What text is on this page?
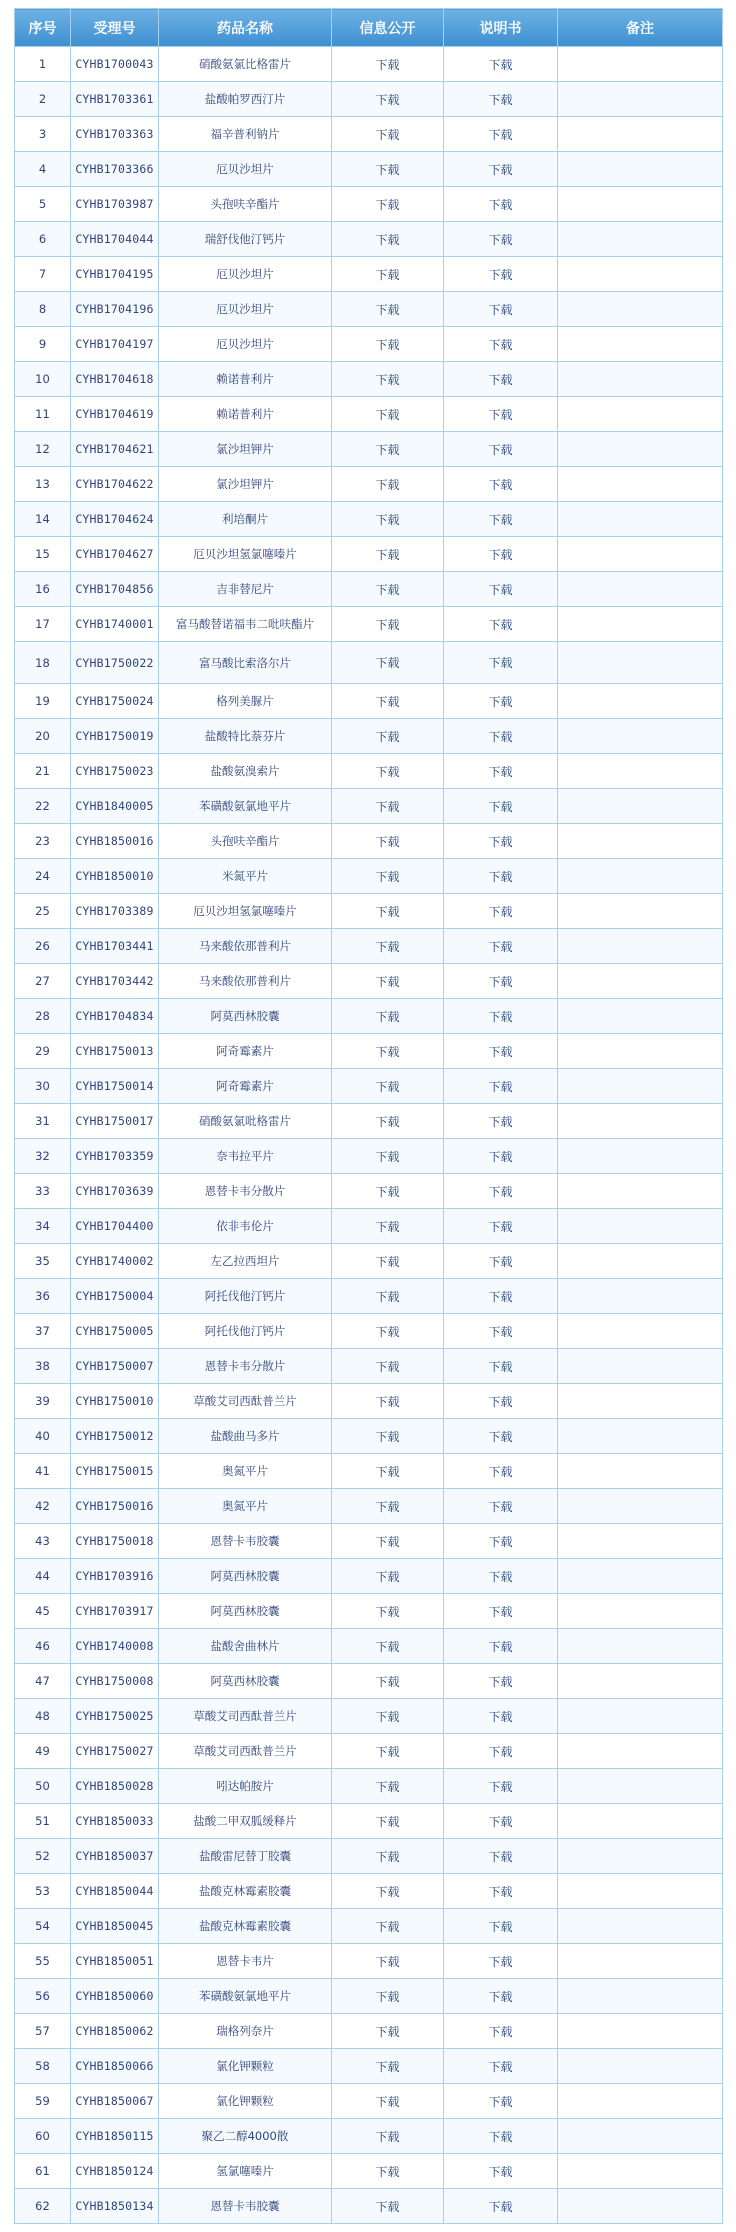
序号	受理号	药品名称	信息公开	说明书	备注
1	CYHB1700043	硝酸氨氯比格雷片	下载	下载	
2	CYHB1703361	盐酸帕罗西汀片	下载	下载	
3	CYHB1703363	福辛普利钠片	下载	下载	
4	CYHB1703366	厄贝沙坦片	下载	下载	
5	CYHB1703987	头孢呋辛酯片	下载	下载	
6	CYHB1704044	瑞舒伐他汀钙片	下载	下载	
7	CYHB1704195	厄贝沙坦片	下载	下载	
8	CYHB1704196	厄贝沙坦片	下载	下载	
9	CYHB1704197	厄贝沙坦片	下载	下载	
10	CYHB1704618	赖诺普利片	下载	下载	
11	CYHB1704619	赖诺普利片	下载	下载	
12	CYHB1704621	氯沙坦钾片	下载	下载	
13	CYHB1704622	氯沙坦钾片	下载	下载	
14	CYHB1704624	利培酮片	下载	下载	
15	CYHB1704627	厄贝沙坦氢氯噻嗪片	下载	下载	
16	CYHB1704856	吉非替尼片	下载	下载	
17	CYHB1740001	富马酸替诺福韦二吡呋酯片	下载	下载	
18	CYHB1750022	富马酸比索洛尔片	下载	下载	
19	CYHB1750024	格列美脲片	下载	下载	
20	CYHB1750019	盐酸特比萘芬片	下载	下载	
21	CYHB1750023	盐酸氨溴索片	下载	下载	
22	CYHB1840005	苯磺酸氨氯地平片	下载	下载	
23	CYHB1850016	头孢呋辛酯片	下载	下载	
24	CYHB1850010	米氮平片	下载	下载	
25	CYHB1703389	厄贝沙坦氢氯噻嗪片	下载	下载	
26	CYHB1703441	马来酸依那普利片	下载	下载	
27	CYHB1703442	马来酸依那普利片	下载	下载	
28	CYHB1704834	阿莫西林胶囊	下载	下载	
29	CYHB1750013	阿奇霉素片	下载	下载	
30	CYHB1750014	阿奇霉素片	下载	下载	
31	CYHB1750017	硝酸氨氯吡格雷片	下载	下载	
32	CYHB1703359	奈韦拉平片	下载	下载	
33	CYHB1703639	恩替卡韦分散片	下载	下载	
34	CYHB1704400	依非韦伦片	下载	下载	
35	CYHB1740002	左乙拉西坦片	下载	下载	
36	CYHB1750004	阿托伐他汀钙片	下载	下载	
37	CYHB1750005	阿托伐他汀钙片	下载	下载	
38	CYHB1750007	恩替卡韦分散片	下载	下载	
39	CYHB1750010	草酸艾司西酞普兰片	下载	下载	
40	CYHB1750012	盐酸曲马多片	下载	下载	
41	CYHB1750015	奥氮平片	下载	下载	
42	CYHB1750016	奥氮平片	下载	下载	
43	CYHB1750018	恩替卡韦胶囊	下载	下载	
44	CYHB1703916	阿莫西林胶囊	下载	下载	
45	CYHB1703917	阿莫西林胶囊	下载	下载	
46	CYHB1740008	盐酸舍曲林片	下载	下载	
47	CYHB1750008	阿莫西林胶囊	下载	下载	
48	CYHB1750025	草酸艾司西酞普兰片	下载	下载	
49	CYHB1750027	草酸艾司西酞普兰片	下载	下载	
50	CYHB1850028	吲达帕胺片	下载	下载	
51	CYHB1850033	盐酸二甲双胍缓释片	下载	下载	
52	CYHB1850037	盐酸雷尼替丁胶囊	下载	下载	
53	CYHB1850044	盐酸克林霉素胶囊	下载	下载	
54	CYHB1850045	盐酸克林霉素胶囊	下载	下载	
55	CYHB1850051	恩替卡韦片	下载	下载	
56	CYHB1850060	苯磺酸氨氯地平片	下载	下载	
57	CYHB1850062	瑞格列奈片	下载	下载	
58	CYHB1850066	氯化钾颗粒	下载	下载	
59	CYHB1850067	氯化钾颗粒	下载	下载	
60	CYHB1850115	聚乙二醇4000散	下载	下载	
61	CYHB1850124	氢氯噻嗪片	下载	下载	
62	CYHB1850134	恩替卡韦胶囊	下载	下载	
